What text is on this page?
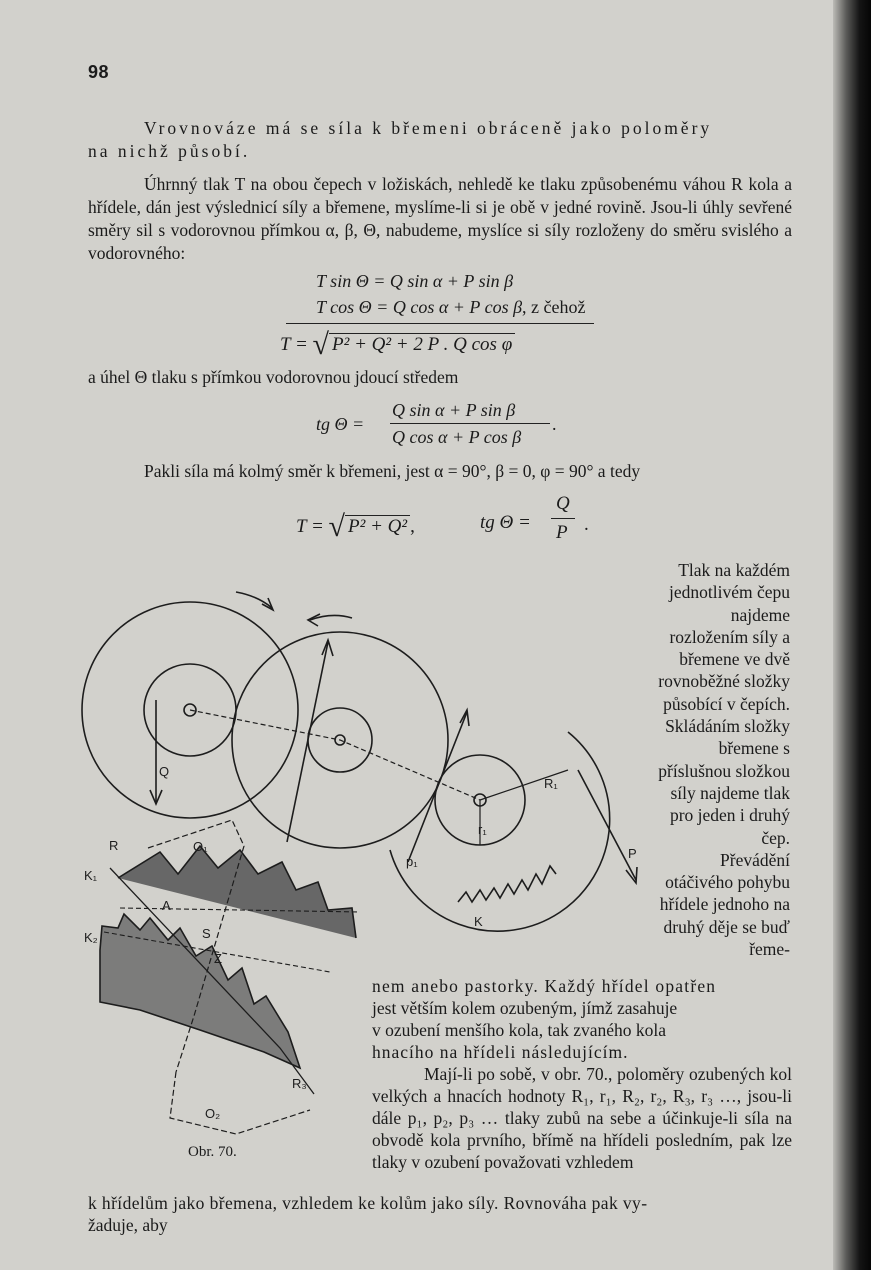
98
Vrovnováze má se síla k břemeni obráceně jako poloměry
na nichž působí.
Úhrnný tlak T na obou čepech v ložiskách, nehledě ke tlaku způsobenému váhou R kola a hřídele, dán jest výslednicí síly a břemene, myslíme-li si je obě v jedné rovině. Jsou-li úhly sevřené směry sil s vodorovnou přímkou α, β, Θ, nabudeme, myslíce si síly rozloženy do směru svislého a vodorovného:
T sin Θ = Q sin α + P sin β
T cos Θ = Q cos α + P cos β, z čehož
T = √ P² + Q² + 2 P . Q cos φ
a úhel Θ tlaku s přímkou vodorovnou jdoucí středem
tg Θ =
Q sin α + P sin β
Q cos α + P cos β
.
Pakli síla má kolmý směr k břemeni, jest α = 90°, β = 0, φ = 90° a tedy
T = √ P² + Q² ,	tg Θ =
Q
P .
Tlak na každém jednotlivém čepu najdeme rozložením síly a břemene ve dvě rovnoběžné složky působící v čepích. Skládáním složky břemene s příslušnou složkou síly najdeme tlak pro jeden i druhý čep.

Převádění otáčivého pohybu hřídele jednoho na druhý děje se buď řeme-
Q
R	O₁
K₁
K₂
A
S
Z
O₂
R₃
R₁
r₁
p₁
P
K
Obr. 70.
nem anebo pastorky. Každý hřídel opatřen
jest větším kolem ozubeným, jímž zasahuje
v ozubení menšího kola, tak zvaného kola
hnacího na hřídeli následujícím.
Mají-li po sobě, v obr. 70., poloměry ozubených kol velkých a hnacích hodnoty R₁, r₁, R₂, r₂, R₃, r₃ …, jsou-li dále p₁, p₂, p₃ … tlaky zubů na sebe a účinkuje-li síla na obvodě kola prvního, břímě na hřídeli posledním, pak lze tlaky v ozubení považovati vzhledem
k hřídelům jako břemena, vzhledem ke kolům jako síly. Rovnováha pak vy-
žaduje, aby
